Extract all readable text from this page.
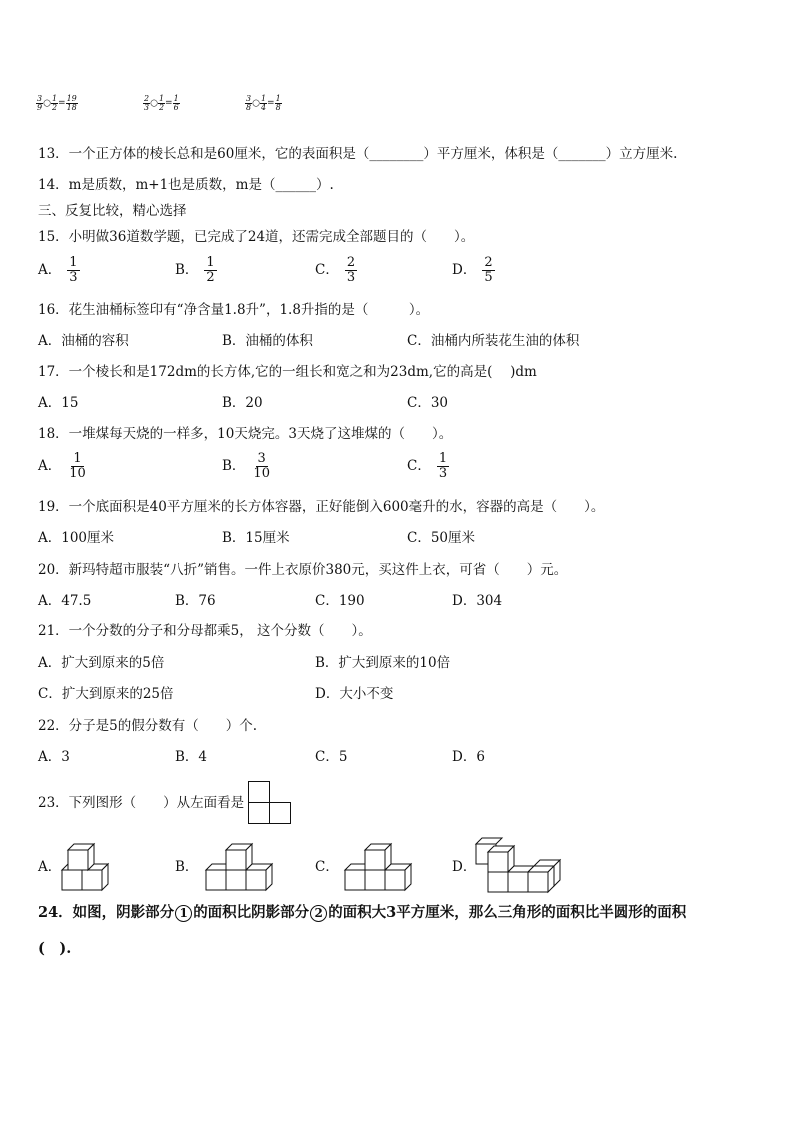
$\frac{3}{9}$ ○ $\frac{1}{2} = \frac{19}{18}$	$\frac{2}{3}$ ○ $\frac{1}{2} = \frac{1}{6}$	$\frac{3}{8}$ ○ $\frac{1}{4} = \frac{1}{8}$
13．一个正方体的棱长总和是60厘米，它的表面积是（________）平方厘米，体积是（_______）立方厘米.
14．m是质数，m+1也是质数，m是（______）.
三、反复比较，精心选择
15．小明做36道数学题，已完成了24道，还需完成全部题目的（　　）。
A． $\frac{1}{3}$	B． $\frac{1}{2}$	C． $\frac{2}{3}$	D． $\frac{2}{5}$
16．花生油桶标签印有“净含量1.8升”，1.8升指的是（　　　）。
A．油桶的容积	B．油桶的体积	C．油桶内所装花生油的体积
17．一个棱长和是172dm的长方体,它的一组长和宽之和为23dm,它的高是(　 )dm
A．15	B．20	C．30
18．一堆煤每天烧的一样多，10天烧完。3天烧了这堆煤的（　　）。
A． $\frac{1}{10}$	B． $\frac{3}{10}$	C． $\frac{1}{3}$
19．一个底面积是40平方厘米的长方体容器，正好能倒入600毫升的水，容器的高是（　　）。
A．100厘米	B．15厘米	C．50厘米
20．新玛特超市服装“八折”销售。一件上衣原价380元，买这件上衣，可省（　　）元。
A．47.5	B．76	C．190	D．304
21．一个分数的分子和分母都乘5， 这个分数（　　）。
A．扩大到原来的5倍	B．扩大到原来的10倍
C．扩大到原来的25倍	D．大小不变
22．分子是5的假分数有（　　）个.
A．3	B．4	C．5	D．6
23．下列图形（　　）从左面看是
A．	B．	C．	D．
24．如图，阴影部分 1 的面积比阴影部分 2 的面积大3平方厘米，那么三角形的面积比半圆形的面积
(　).
